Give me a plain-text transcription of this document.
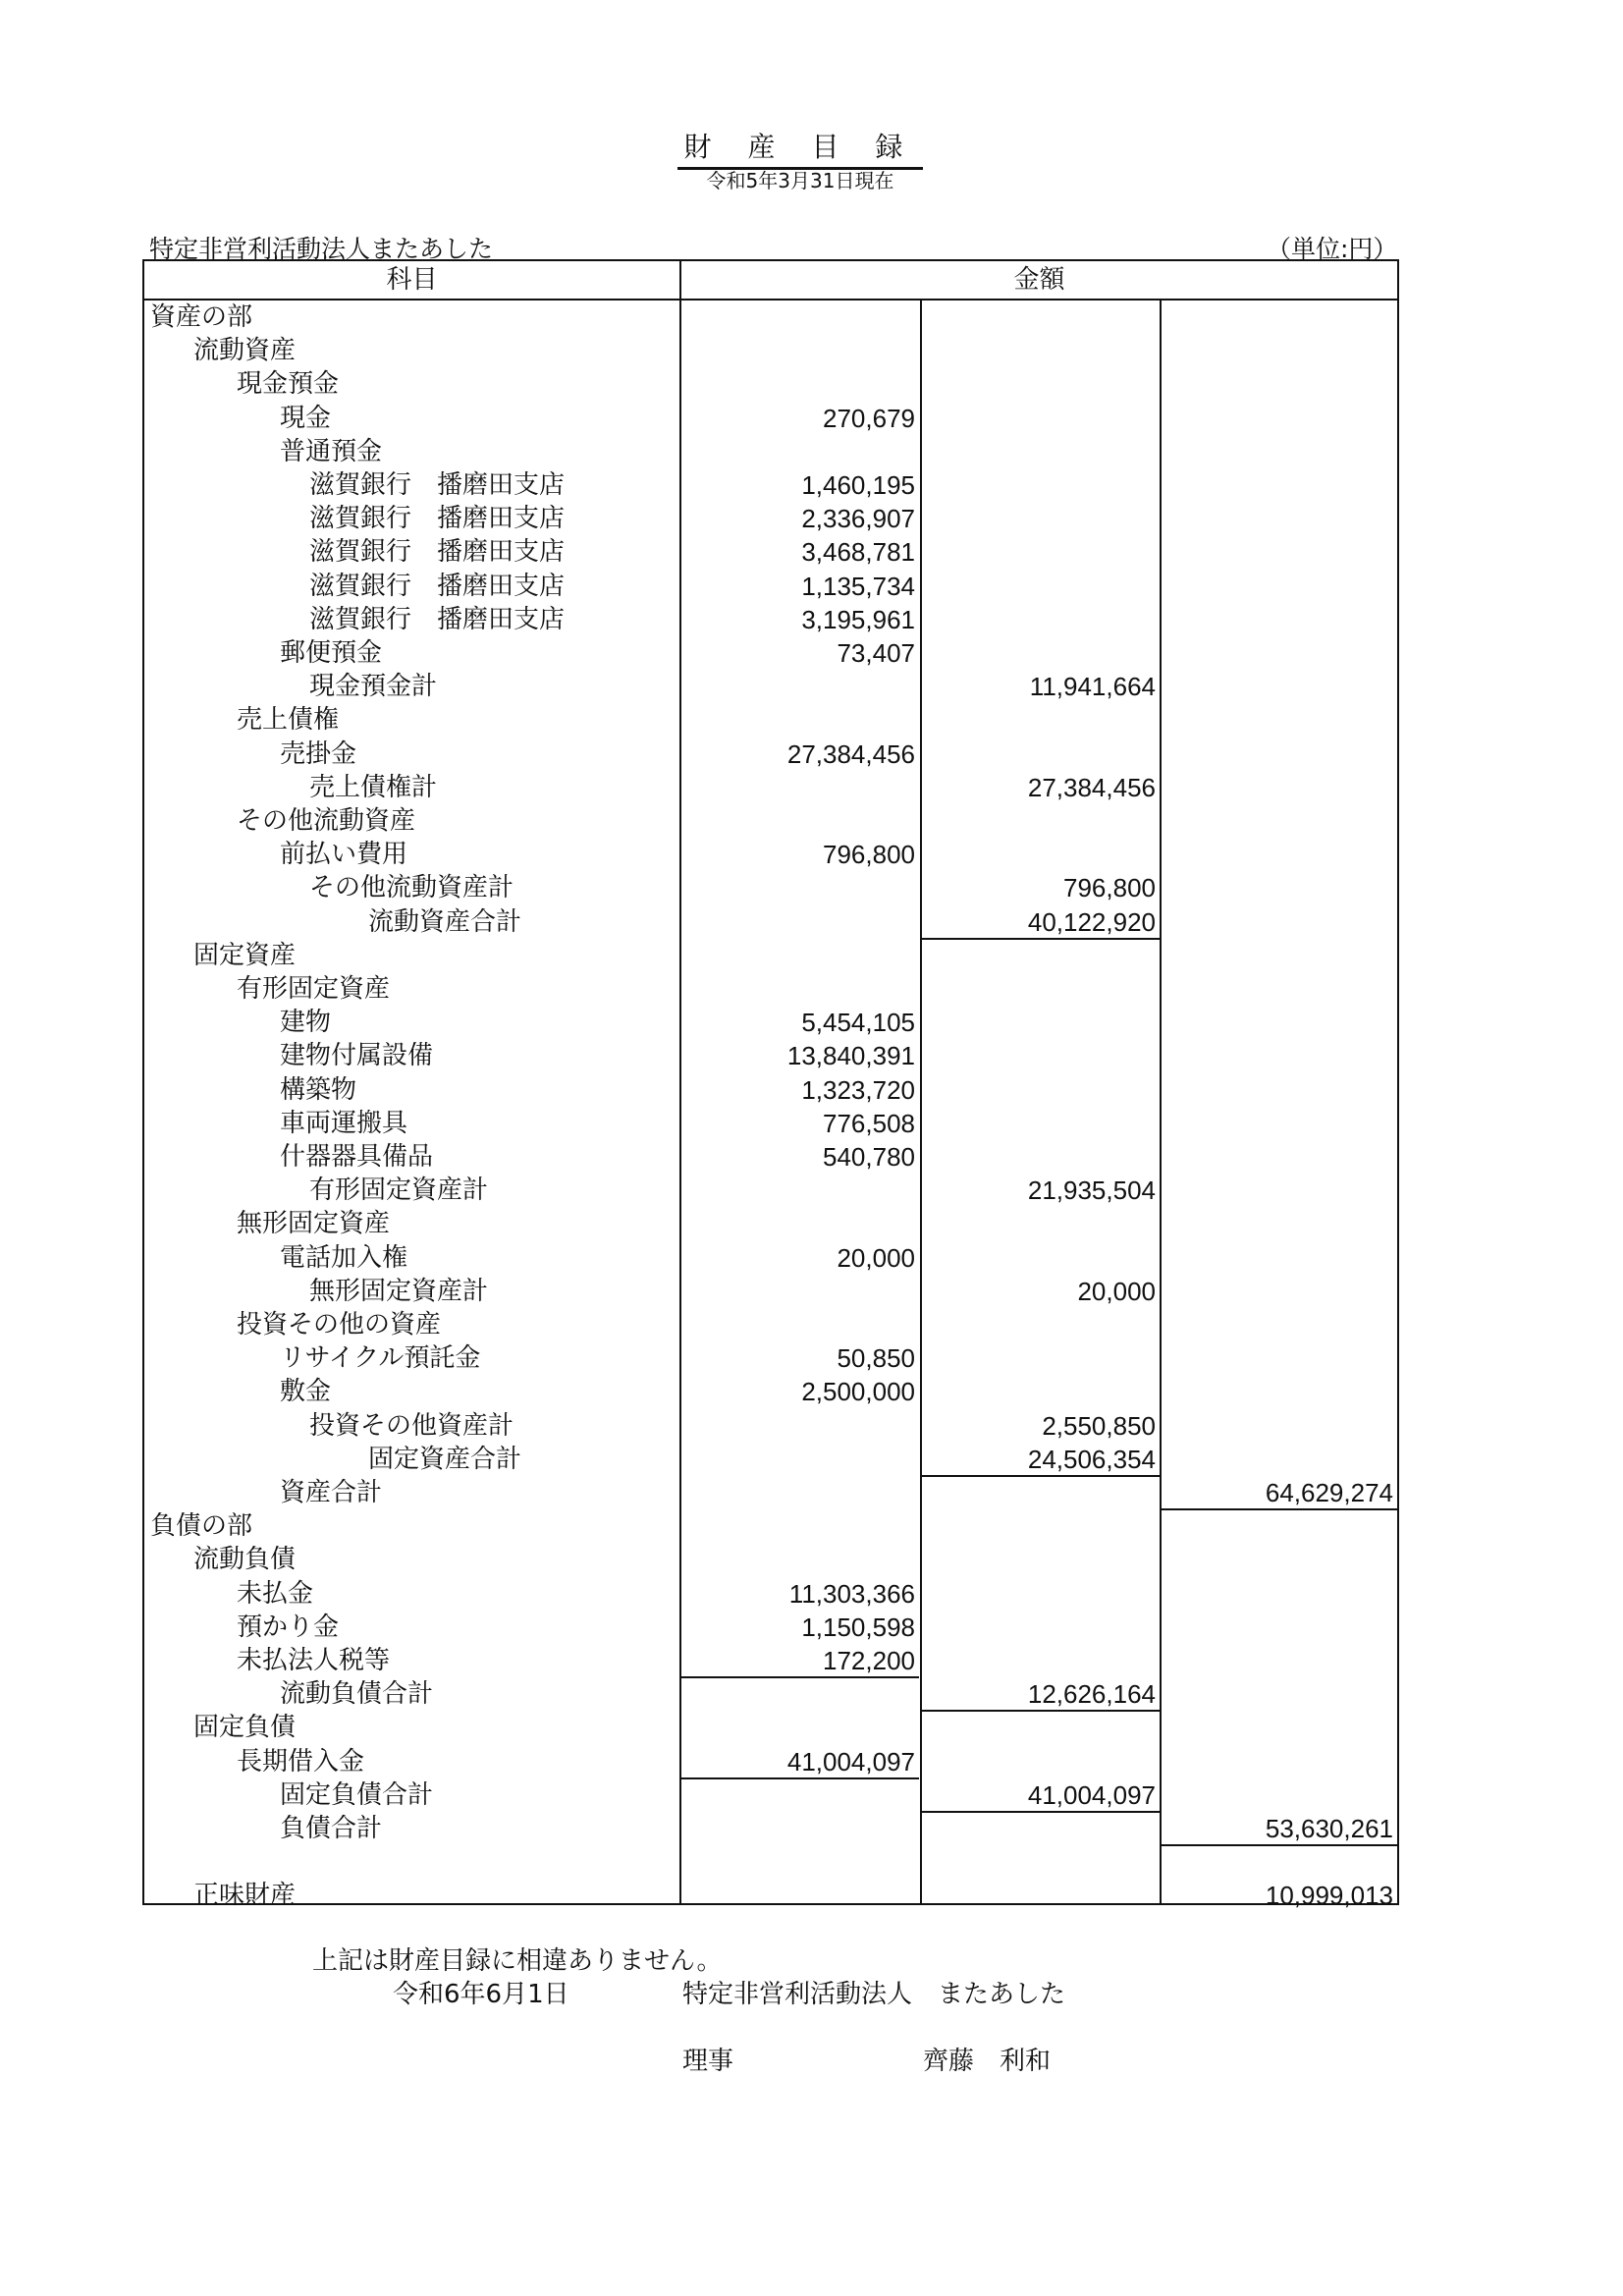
財 産 目 録
令和5年3月31日現在
特定非営利活動法人またあした	（単位:円）
科目	金額
資産の部
流動資産
現金預金
現金	270,679
普通預金
滋賀銀行　播磨田支店	1,460,195
滋賀銀行　播磨田支店	2,336,907
滋賀銀行　播磨田支店	3,468,781
滋賀銀行　播磨田支店	1,135,734
滋賀銀行　播磨田支店	3,195,961
郵便預金	73,407
現金預金計	11,941,664
売上債権
売掛金	27,384,456
売上債権計	27,384,456
その他流動資産
前払い費用	796,800
その他流動資産計	796,800
流動資産合計	40,122,920
固定資産
有形固定資産
建物	5,454,105
建物付属設備	13,840,391
構築物	1,323,720
車両運搬具	776,508
什器器具備品	540,780
有形固定資産計	21,935,504
無形固定資産
電話加入権	20,000
無形固定資産計	20,000
投資その他の資産
リサイクル預託金	50,850
敷金	2,500,000
投資その他資産計	2,550,850
固定資産合計	24,506,354
資産合計	64,629,274
負債の部
流動負債
未払金	11,303,366
預かり金	1,150,598
未払法人税等	172,200
流動負債合計	12,626,164
固定負債
長期借入金	41,004,097
固定負債合計	41,004,097
負債合計	53,630,261
正味財産	10,999,013
上記は財産目録に相違ありません。
令和6年6月1日	特定非営利活動法人　またあした
理事	齊藤　利和
